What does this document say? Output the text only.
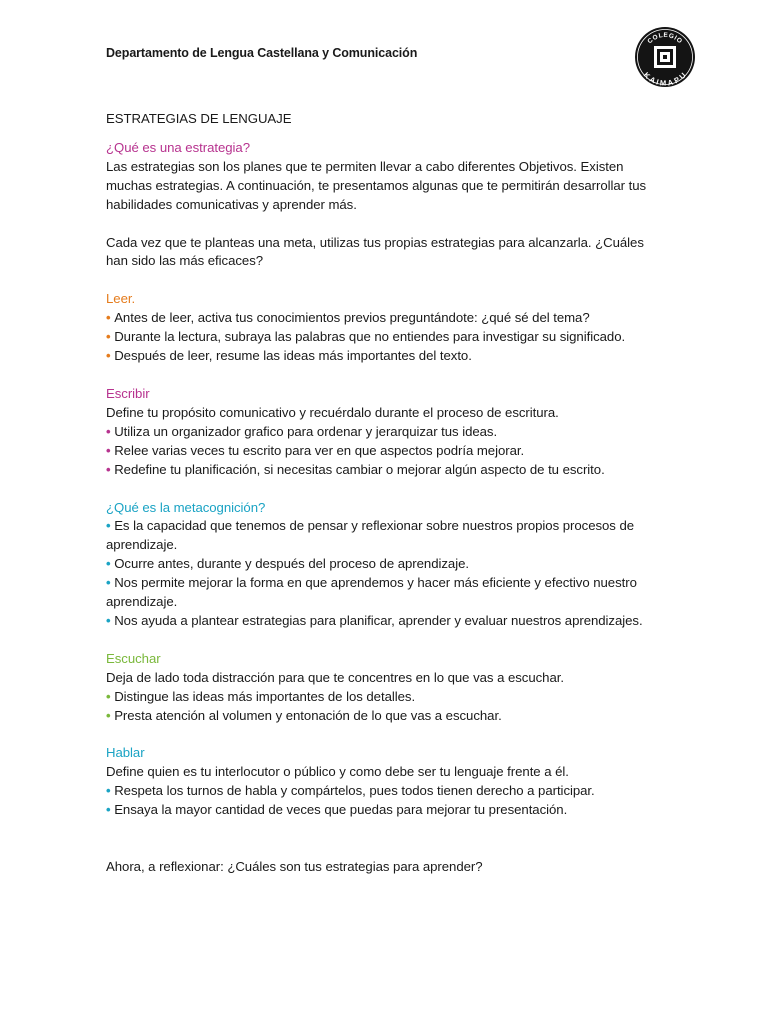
Departamento de Lengua Castellana y Comunicación
COLEGIO
KAIMAPU
ESTRATEGIAS DE LENGUAJE
¿Qué es una estrategia?
Las estrategias son los planes que te permiten llevar a cabo diferentes Objetivos. Existen muchas estrategias. A continuación, te presentamos algunas que te permitirán desarrollar tus habilidades comunicativas y aprender más.
Cada vez que te planteas una meta, utilizas tus propias estrategias para alcanzarla. ¿Cuáles han sido las más eficaces?
Leer.
• Antes de leer, activa tus conocimientos previos preguntándote: ¿qué sé del tema?
• Durante la lectura, subraya las palabras que no entiendes para investigar su significado.
• Después de leer, resume las ideas más importantes del texto.
Escribir
Define tu propósito comunicativo y recuérdalo durante el proceso de escritura.
• Utiliza un organizador grafico para ordenar y jerarquizar tus ideas.
• Relee varias veces tu escrito para ver en que aspectos podría mejorar.
• Redefine tu planificación, si necesitas cambiar o mejorar algún aspecto de tu escrito.
¿Qué es la metacognición?
• Es la capacidad que tenemos de pensar y reflexionar sobre nuestros propios procesos de aprendizaje.
• Ocurre antes, durante y después del proceso de aprendizaje.
• Nos permite mejorar la forma en que aprendemos y hacer más eficiente y efectivo nuestro aprendizaje.
• Nos ayuda a plantear estrategias para planificar, aprender y evaluar nuestros aprendizajes.
Escuchar
Deja de lado toda distracción para que te concentres en lo que vas a escuchar.
• Distingue las ideas más importantes de los detalles.
• Presta atención al volumen y entonación de lo que vas a escuchar.
Hablar
Define quien es tu interlocutor o público y como debe ser tu lenguaje frente a él.
• Respeta los turnos de habla y compártelos, pues todos tienen derecho a participar.
• Ensaya la mayor cantidad de veces que puedas para mejorar tu presentación.
Ahora, a reflexionar: ¿Cuáles son tus estrategias para aprender?
